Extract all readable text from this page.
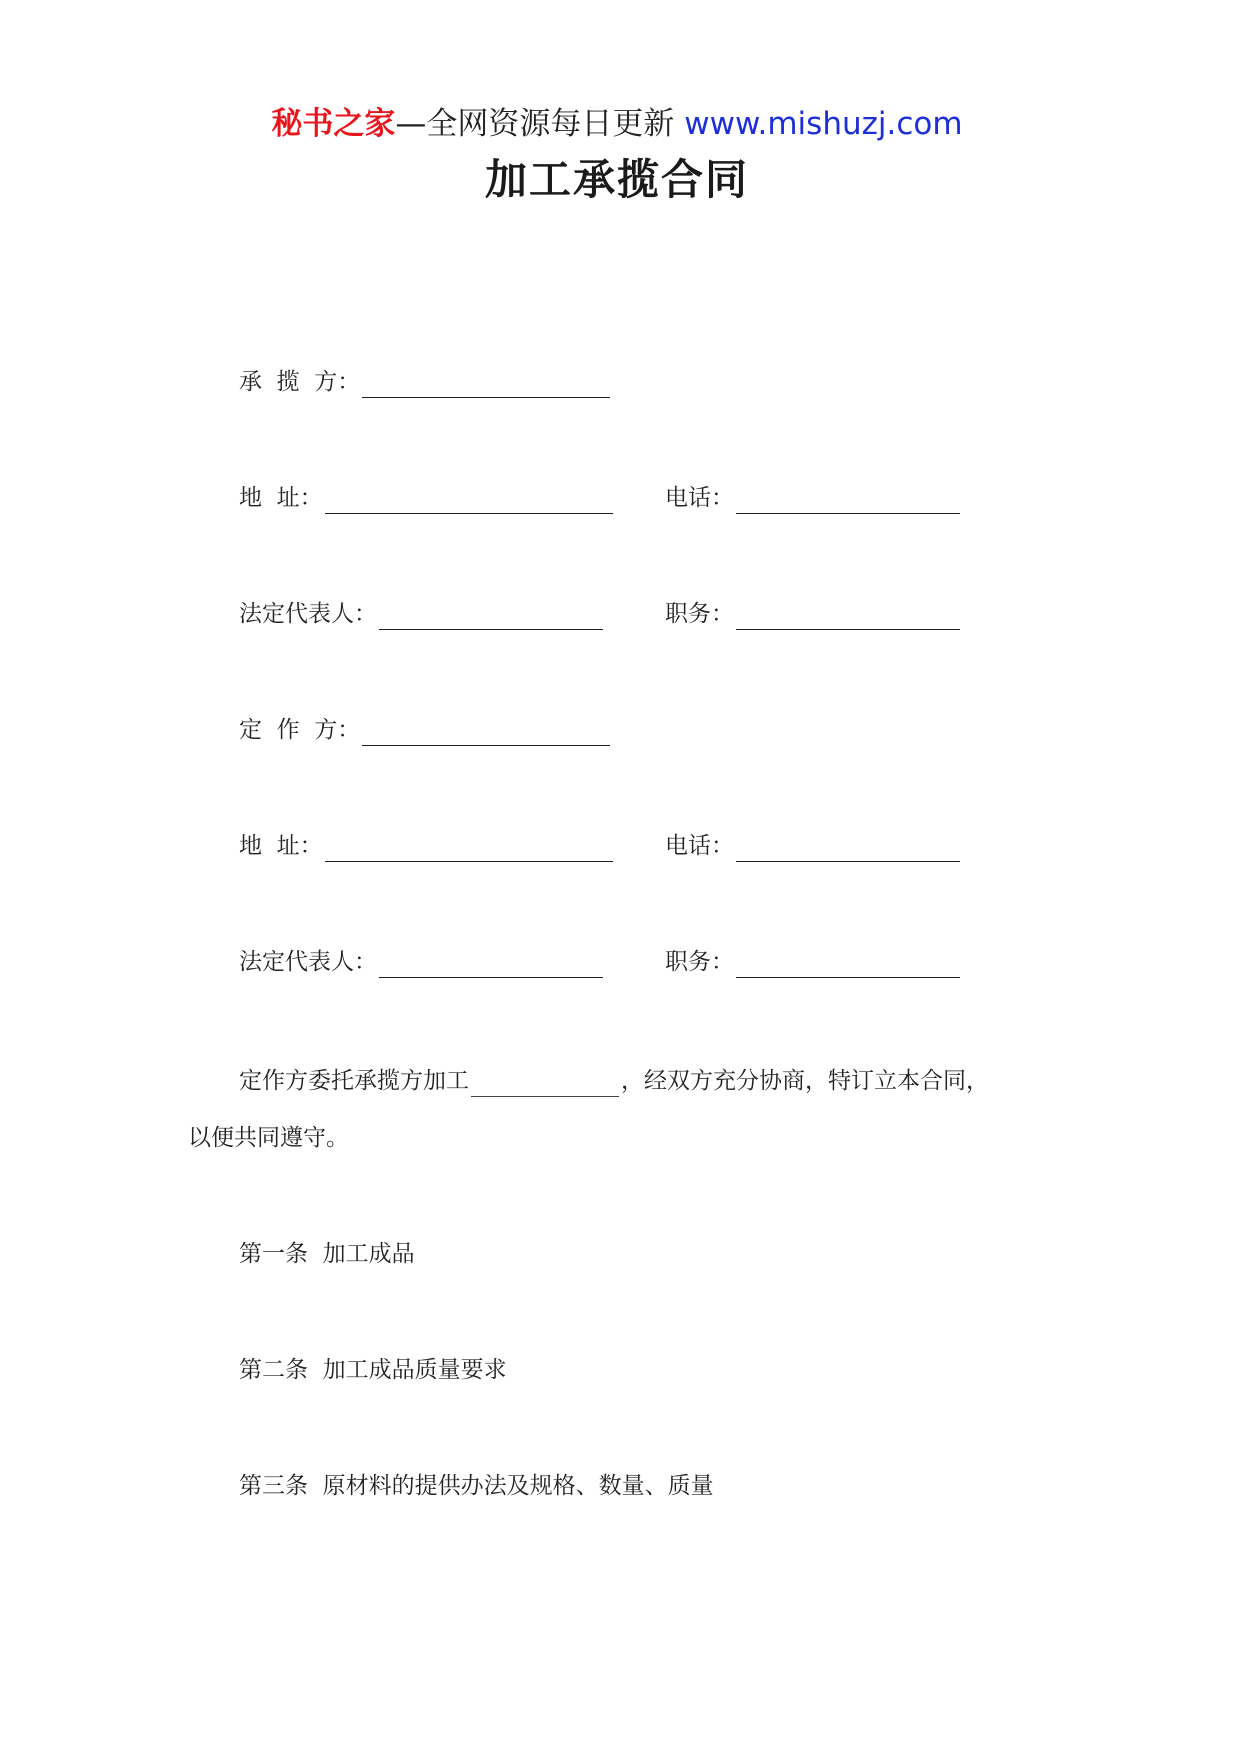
秘书之家—全网资源每日更新 www.mishuzj.com
加工承揽合同
承  揽  方：
地  址：	电话：
法定代表人：	职务：
定  作  方：
地  址：	电话：
法定代表人：	职务：
定作方委托承揽方加工	，经双方充分协商，特订立本合同，
以便共同遵守。
第一条  加工成品
第二条  加工成品质量要求
第三条  原材料的提供办法及规格、数量、质量
